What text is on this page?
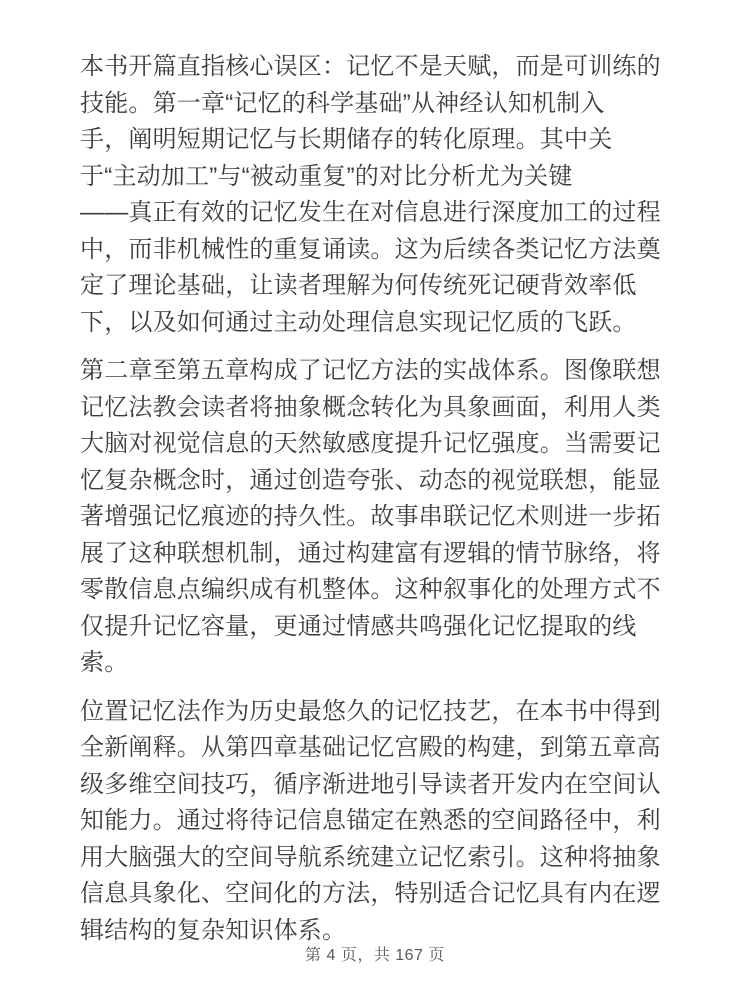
本书开篇直指核心误区：记忆不是天赋，而是可训练的
技能。第一章“记忆的科学基础”从神经认知机制入
手，阐明短期记忆与长期储存的转化原理。其中关
于“主动加工”与“被动重复”的对比分析尤为关键
——真正有效的记忆发生在对信息进行深度加工的过程
中，而非机械性的重复诵读。这为后续各类记忆方法奠
定了理论基础，让读者理解为何传统死记硬背效率低
下，以及如何通过主动处理信息实现记忆质的飞跃。

第二章至第五章构成了记忆方法的实战体系。图像联想
记忆法教会读者将抽象概念转化为具象画面，利用人类
大脑对视觉信息的天然敏感度提升记忆强度。当需要记
忆复杂概念时，通过创造夸张、动态的视觉联想，能显
著增强记忆痕迹的持久性。故事串联记忆术则进一步拓
展了这种联想机制，通过构建富有逻辑的情节脉络，将
零散信息点编织成有机整体。这种叙事化的处理方式不
仅提升记忆容量，更通过情感共鸣强化记忆提取的线
索。

位置记忆法作为历史最悠久的记忆技艺，在本书中得到
全新阐释。从第四章基础记忆宫殿的构建，到第五章高
级多维空间技巧，循序渐进地引导读者开发内在空间认
知能力。通过将待记信息锚定在熟悉的空间路径中，利
用大脑强大的空间导航系统建立记忆索引。这种将抽象
信息具象化、空间化的方法，特别适合记忆具有内在逻
辑结构的复杂知识体系。

第 4 页，共 167 页
